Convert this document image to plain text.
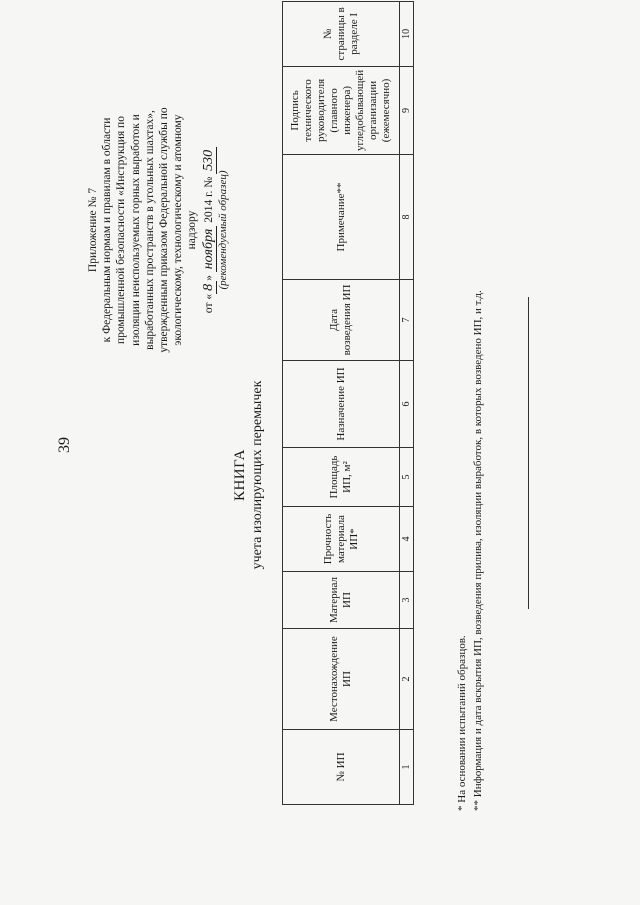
39
Приложение № 7 к Федеральным нормам и правилам в области промышленной безопасности «Инструкция по изоляции неиспользуемых горных выработок и выработанных пространств в угольных шахтах», утвержденным приказом Федеральной службы по экологическому, технологическому и атомному надзору
от «8» ноября 2014 г. № 530
(рекомендуемый образец)
КНИГА учета изолирующих перемычек
№ ИП	Местонахождение ИП	Материал ИП	Прочность материала ИП*	Площадь ИП, м²	Назначение ИП	Дата возведения ИП	Примечание**	Подпись технического руководителя (главного инженера) угледобывающей организации (ежемесячно)	№ страницы в разделе I
1	2	3	4	5	6	7	8	9	10
* На основании испытаний образцов. ** Информация и дата вскрытия ИП, возведения прилива, изоляции выработок, в которых возведено ИП, и т.д.
